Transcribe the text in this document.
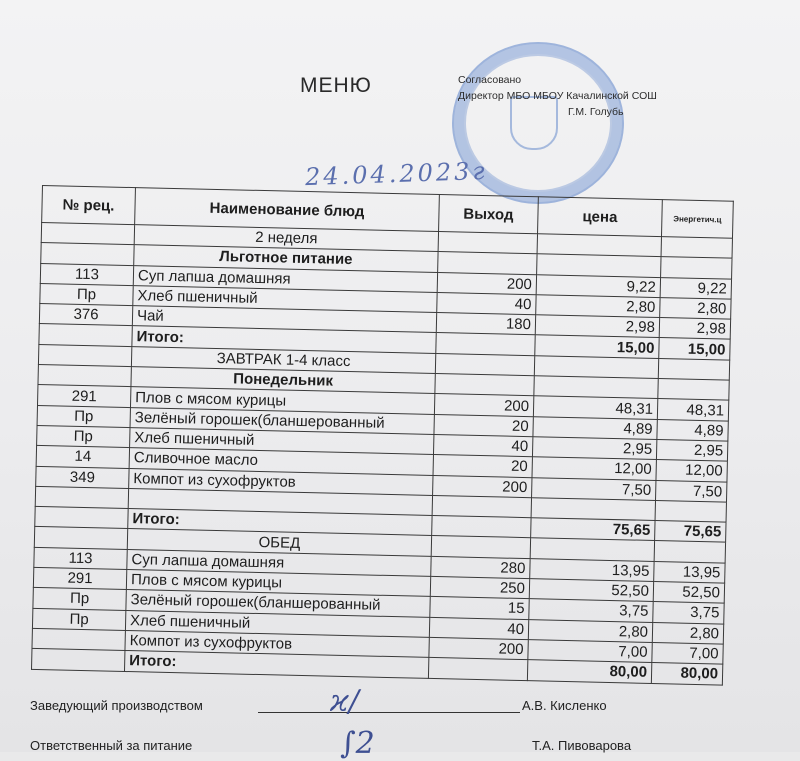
МЕНЮ	Согласовано
Директор МБО МБОУ Качалинской СОШ
Г.М. Голубь
24.04.2023г
№ рец.	Наименование блюд	Выход	цена	Энергетич.ц
	2 неделя			
	Льготное питание			
113	Суп лапша домашняя	200	9,22	9,22
Пр	Хлеб пшеничный	40	2,80	2,80
376	Чай	180	2,98	2,98
	Итого:		15,00	15,00
	ЗАВТРАК 1-4 класс			
	Понедельник			
291	Плов с мясом курицы	200	48,31	48,31
Пр	Зелёный горошек(бланшерованный	20	4,89	4,89
Пр	Хлеб пшеничный	40	2,95	2,95
14	Сливочное масло	20	12,00	12,00
349	Компот из сухофруктов	200	7,50	7,50

	Итого:		75,65	75,65
	ОБЕД			
113	Суп лапша домашняя	280	13,95	13,95
291	Плов с мясом курицы	250	52,50	52,50
Пр	Зелёный горошек(бланшерованный	15	3,75	3,75
Пр	Хлеб пшеничный	40	2,80	2,80
	Компот из сухофруктов	200	7,00	7,00
	Итого:		80,00	80,00
Заведующий производством	ϰ/	А.В. Кисленко
Ответственный за питание	∫2	Т.А. Пивоварова
